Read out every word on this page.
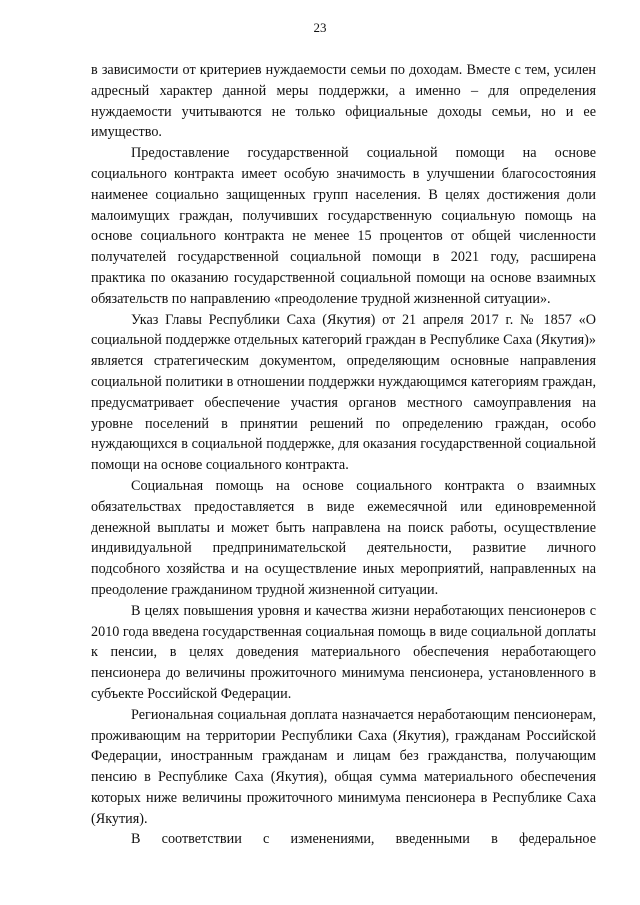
23

в зависимости от критериев нуждаемости семьи по доходам. Вместе с тем, усилен адресный характер данной меры поддержки, а именно – для определения нуждаемости учитываются не только официальные доходы семьи, но и ее имущество.

Предоставление государственной социальной помощи на основе социального контракта имеет особую значимость в улучшении благосостояния наименее социально защищенных групп населения. В целях достижения доли малоимущих граждан, получивших государственную социальную помощь на основе социального контракта не менее 15 процентов от общей численности получателей государственной социальной помощи в 2021 году, расширена практика по оказанию государственной социальной помощи на основе взаимных обязательств по направлению «преодоление трудной жизненной ситуации».

Указ Главы Республики Саха (Якутия) от 21 апреля 2017 г. № 1857 «О социальной поддержке отдельных категорий граждан в Республике Саха (Якутия)» является стратегическим документом, определяющим основные направления социальной политики в отношении поддержки нуждающимся категориям граждан, предусматривает обеспечение участия органов местного самоуправления на уровне поселений в принятии решений по определению граждан, особо нуждающихся в социальной поддержке, для оказания государственной социальной помощи на основе социального контракта.

Социальная помощь на основе социального контракта о взаимных обязательствах предоставляется в виде ежемесячной или единовременной денежной выплаты и может быть направлена на поиск работы, осуществление индивидуальной предпринимательской деятельности, развитие личного подсобного хозяйства и на осуществление иных мероприятий, направленных на преодоление гражданином трудной жизненной ситуации.

В целях повышения уровня и качества жизни неработающих пенсионеров с 2010 года введена государственная социальная помощь в виде социальной доплаты к пенсии, в целях доведения материального обеспечения неработающего пенсионера до величины прожиточного минимума пенсионера, установленного в субъекте Российской Федерации.

Региональная социальная доплата назначается неработающим пенсионерам, проживающим на территории Республики Саха (Якутия), гражданам Российской Федерации, иностранным гражданам и лицам без гражданства, получающим пенсию в Республике Саха (Якутия), общая сумма материального обеспечения которых ниже величины прожиточного минимума пенсионера в Республике Саха (Якутия).

В соответствии с изменениями, введенными в федеральное
